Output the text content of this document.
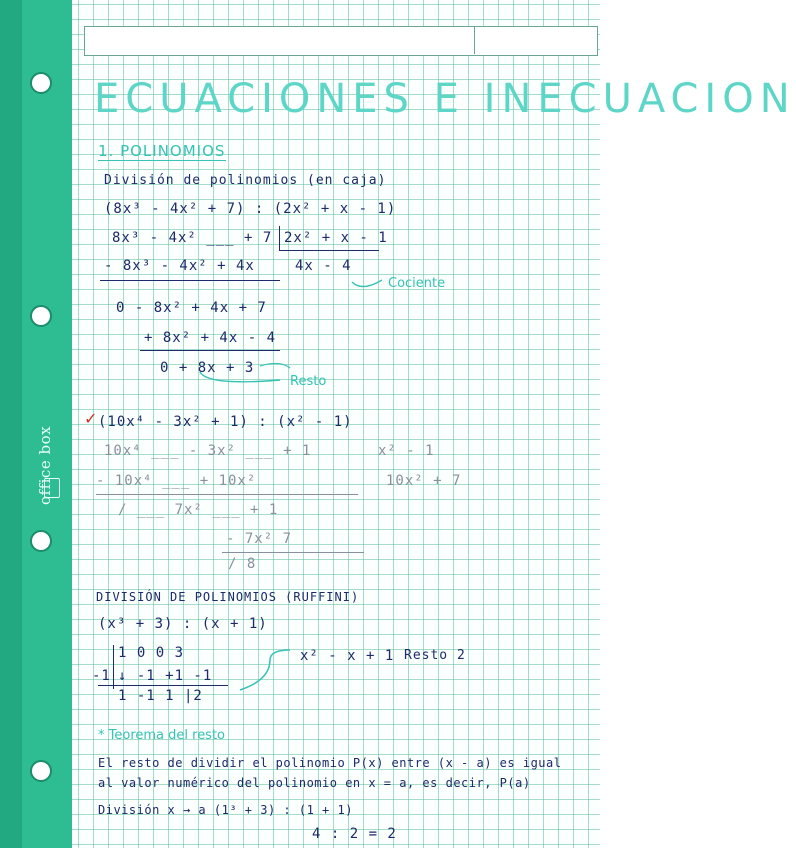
office box
ECUACIONES E INECUACION
1. POLINOMIOS
División de polinomios (en caja)
(8x³ - 4x² + 7) : (2x² + x - 1)
8x³ - 4x² ___ + 7 2x² + x - 1
- 8x³ - 4x² + 4x	4x - 4
Cociente
0 - 8x² + 4x + 7
+ 8x² + 4x - 4
0 + 8x + 3
Resto
✓ (10x⁴ - 3x² + 1) : (x² - 1)
10x⁴ ___ - 3x² ___ + 1	x² - 1
- 10x⁴ ___ + 10x²	10x² + 7
/ ___ 7x² ___ + 1
- 7x² 7
/ 8
DIVISIÓN DE POLINOMIOS (RUFFINI)
(x³ + 3) : (x + 1)
1 0 0 3
-1 ↓ -1 +1 -1
1 -1 1 |2
x² - x + 1 Resto 2
* Teorema del resto
El resto de dividir el polinomio P(x) entre (x - a) es igual
al valor numérico del polinomio en x = a, es decir, P(a)
División x → a (1³ + 3) : (1 + 1)
4 : 2 = 2
